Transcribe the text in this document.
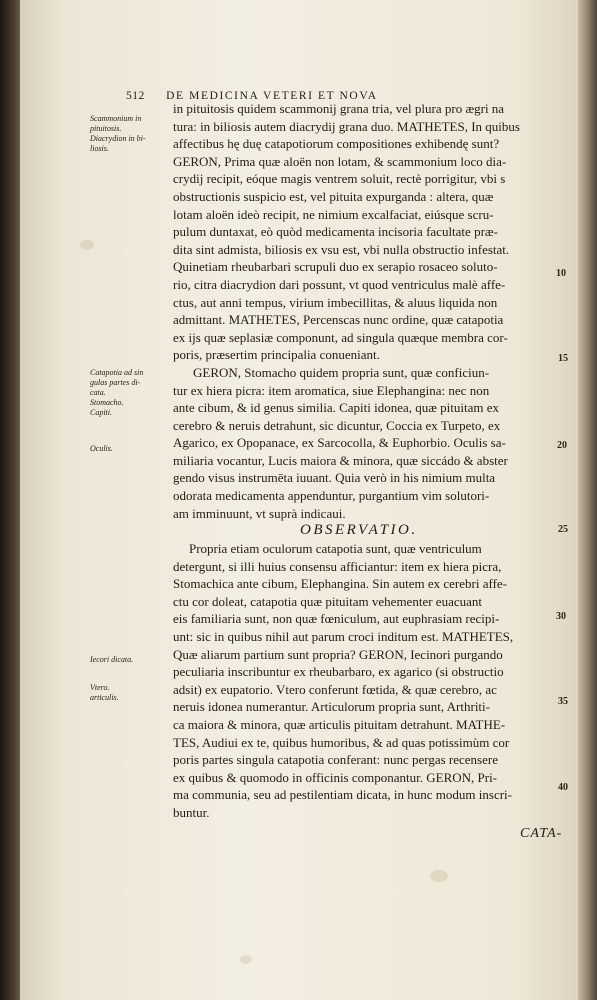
512 DE MEDICINA VETERI ET NOVA
Scammonium in
pituitosis.
Diacrydion in bi-
liosis.
Catapotia ad sin
gulas partes di-
cata.
Stomacho.
Capiti.
Oculis.
Iecori dicata.
Vtero.
articulis.
in pituitosis quidem scammonij grana tria, vel plura pro ægri na
tura: in biliosis autem diacrydij grana duo. MATHETES, In quibus
affectibus hę duę catapotiorum compositiones exhibendę sunt?
GERON, Prima quæ aloën non lotam, & scammonium loco dia-
crydij recipit, eóque magis ventrem soluit, rectè porrigitur, vbi s
obstructionis suspicio est, vel pituita expurganda : altera, quæ
lotam aloën ideò recipit, ne nimium excalfaciat, eiúsque scru-
pulum duntaxat, eò quòd medicamenta incisoria facultate præ-
dita sint admista, biliosis ex vsu est, vbi nulla obstructio infestat.
Quinetiam rheubarbari scrupuli duo ex serapio rosaceo soluto-
rio, citra diacrydion dari possunt, vt quod ventriculus malè affe-
ctus, aut anni tempus, virium imbecillitas, & aluus liquida non
admittant. MATHETES, Percenscas nunc ordine, quæ catapotia
ex ijs quæ seplasiæ componunt, ad singula quæque membra cor-
poris, præsertim principalia conueniant.
GERON, Stomacho quidem propria sunt, quæ conficiun-
tur ex hiera picra: item aromatica, siue Elephangina: nec non
ante cibum, & id genus similia. Capiti idonea, quæ pituitam ex
cerebro & neruis detrahunt, sic dicuntur, Coccia ex Turpeto, ex
Agarico, ex Opopanace, ex Sarcocolla, & Euphorbio. Oculis sa-
miliaria vocantur, Lucis maiora & minora, quæ siccádo & abster
gendo visus instrumēta iuuant. Quia verò in his nimium multa
odorata medicamenta appenduntur, purgantium vim solutori-
am imminuunt, vt suprà indicaui.
OBSERVATIO.
Propria etiam oculorum catapotia sunt, quæ ventriculum
detergunt, si illi huius consensu afficiantur: item ex hiera picra,
Stomachica ante cibum, Elephangina. Sin autem ex cerebri affe-
ctu cor doleat, catapotia quæ pituitam vehementer euacuant
eis familiaria sunt, non quæ fœniculum, aut euphrasiam recipi-
unt: sic in quibus nihil aut parum croci inditum est. MATHETES,
Quæ aliarum partium sunt propria? GERON, Iecinori purgando
peculiaria inscribuntur ex rheubarbaro, ex agarico (si obstructio
adsit) ex eupatorio. Vtero conferunt fœtida, & quæ cerebro, ac
neruis idonea numerantur. Articulorum propria sunt, Arthriti-
ca maiora & minora, quæ articulis pituitam detrahunt. MATHE-
TES, Audiui ex te, quibus humoribus, & ad quas potissimùm cor
poris partes singula catapotia conferant: nunc pergas recensere
ex quibus & quomodo in officinis componantur. GERON, Pri-
ma communia, seu ad pestilentiam dicata, in hunc modum inscri-
buntur.
10
15
20
25
30
35
40
CATA-
